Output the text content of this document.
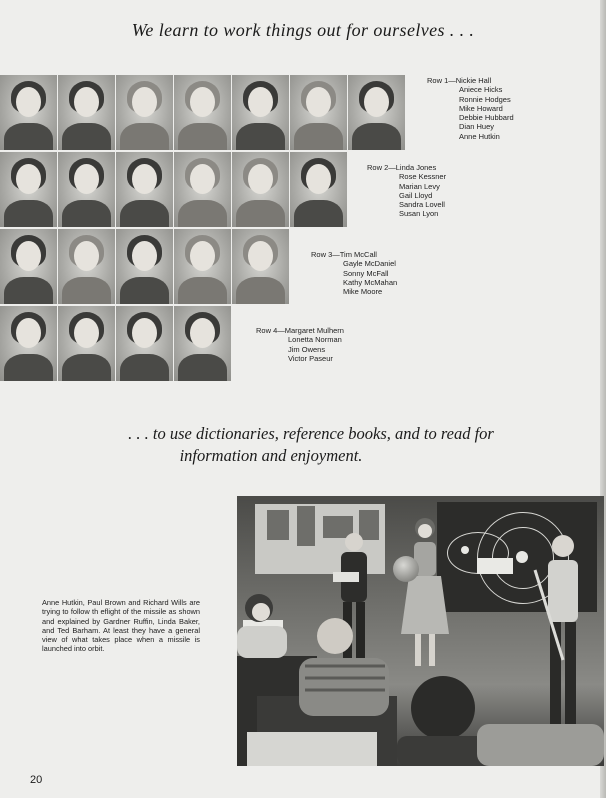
We learn to work things out for ourselves . . .
Row 1—Nickie Hall
Aniece Hicks
Ronnie Hodges
Mike Howard
Debbie Hubbard
Dian Huey
Anne Hutkin
Row 2—Linda Jones
Rose Kessner
Marian Levy
Gail Lloyd
Sandra Lovell
Susan Lyon
Row 3—Tim McCall
Gayle McDaniel
Sonny McFall
Kathy McMahan
Mike Moore
Row 4—Margaret Mulhern
Lonetta Norman
Jim Owens
Victor Paseur
. . . to use dictionaries, reference books, and to read for
information and enjoyment.
Anne Hutkin, Paul Brown and Richard Wills are trying to follow th eflight of the missile as shown and explained by Gardner Ruffin, Linda Baker, and Ted Barham. At least they have a general view of what takes place when a missile is launched into orbit.
20
